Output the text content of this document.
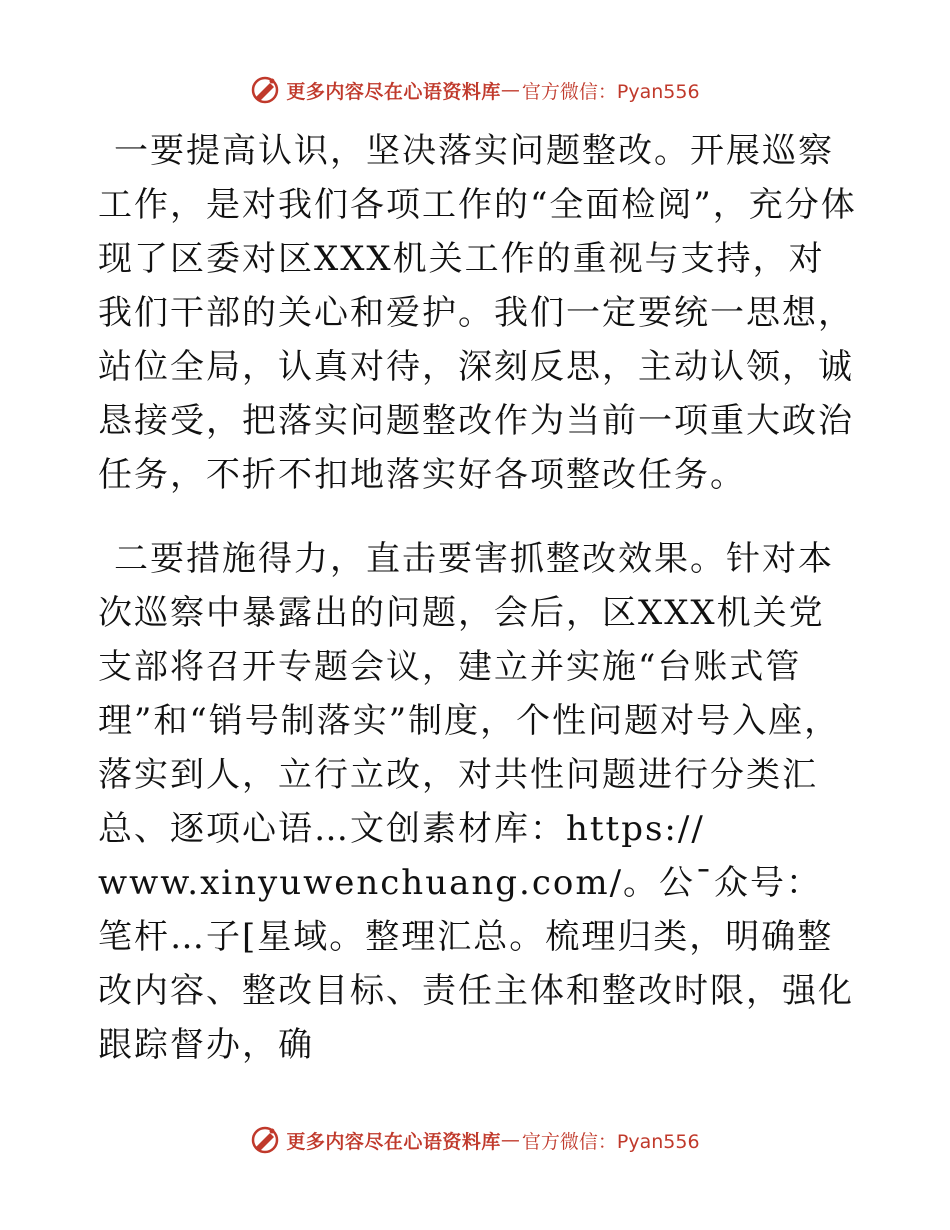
更多内容尽在心语资料库 — 官方微信：Pyan556

一要提高认识，坚决落实问题整改。开展巡察工作，是对我们各项工作的“全面检阅”，充分体现了区委对区XXX机关工作的重视与支持，对我们干部的关心和爱护。我们一定要统一思想，站位全局，认真对待，深刻反思，主动认领，诚恳接受，把落实问题整改作为当前一项重大政治任务，不折不扣地落实好各项整改任务。

二要措施得力，直击要害抓整改效果。针对本次巡察中暴露出的问题，会后，区XXX机关党支部将召开专题会议，建立并实施“台账式管理”和“销号制落实”制度，个性问题对号入座，落实到人，立行立改，对共性问题进行分类汇总、逐项心语…文创素材库：https://
www.xinyuwenchuang.com/。公¯众号：笔杆…子[星域。整理汇总。梳理归类，明确整改内容、整改目标、责任主体和整改时限，强化跟踪督办，确

更多内容尽在心语资料库 — 官方微信：Pyan556
